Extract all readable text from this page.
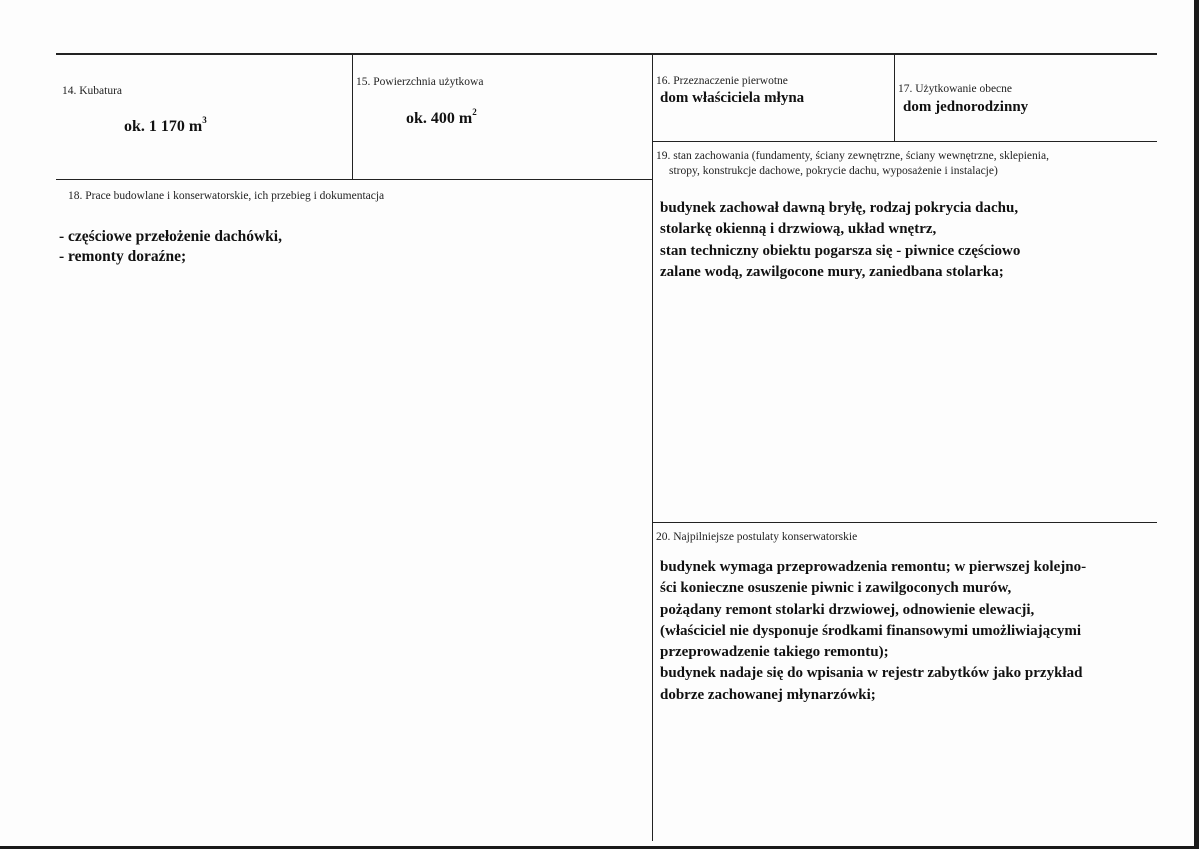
14. Kubatura
ok. 1 170 $m^3$
15. Powierzchnia użytkowa
ok. 400 $m^2$
16. Przeznaczenie pierwotne
dom właściciela młyna
17. Użytkowanie obecne
dom jednorodzinny
18. Prace budowlane i konserwatorskie, ich przebieg i dokumentacja
- częściowe przełożenie dachówki,
- remonty doraźne;
19. stan zachowania (fundamenty, ściany zewnętrzne, ściany wewnętrzne, sklepienia,
stropy, konstrukcje dachowe, pokrycie dachu, wyposażenie i instalacje)
budynek zachował dawną bryłę, rodzaj pokrycia dachu,
stolarkę okienną i drzwiową, układ wnętrz,
stan techniczny obiektu pogarsza się - piwnice częściowo
zalane wodą, zawilgocone mury, zaniedbana stolarka;
20. Najpilniejsze postulaty konserwatorskie
budynek wymaga przeprowadzenia remontu; w pierwszej kolejno-
ści konieczne osuszenie piwnic i zawilgoconych murów,
pożądany remont stolarki drzwiowej, odnowienie elewacji,
(właściciel nie dysponuje środkami finansowymi umożliwiającymi
przeprowadzenie takiego remontu);
budynek nadaje się do wpisania w rejestr zabytków jako przykład
dobrze zachowanej młynarzówki;
